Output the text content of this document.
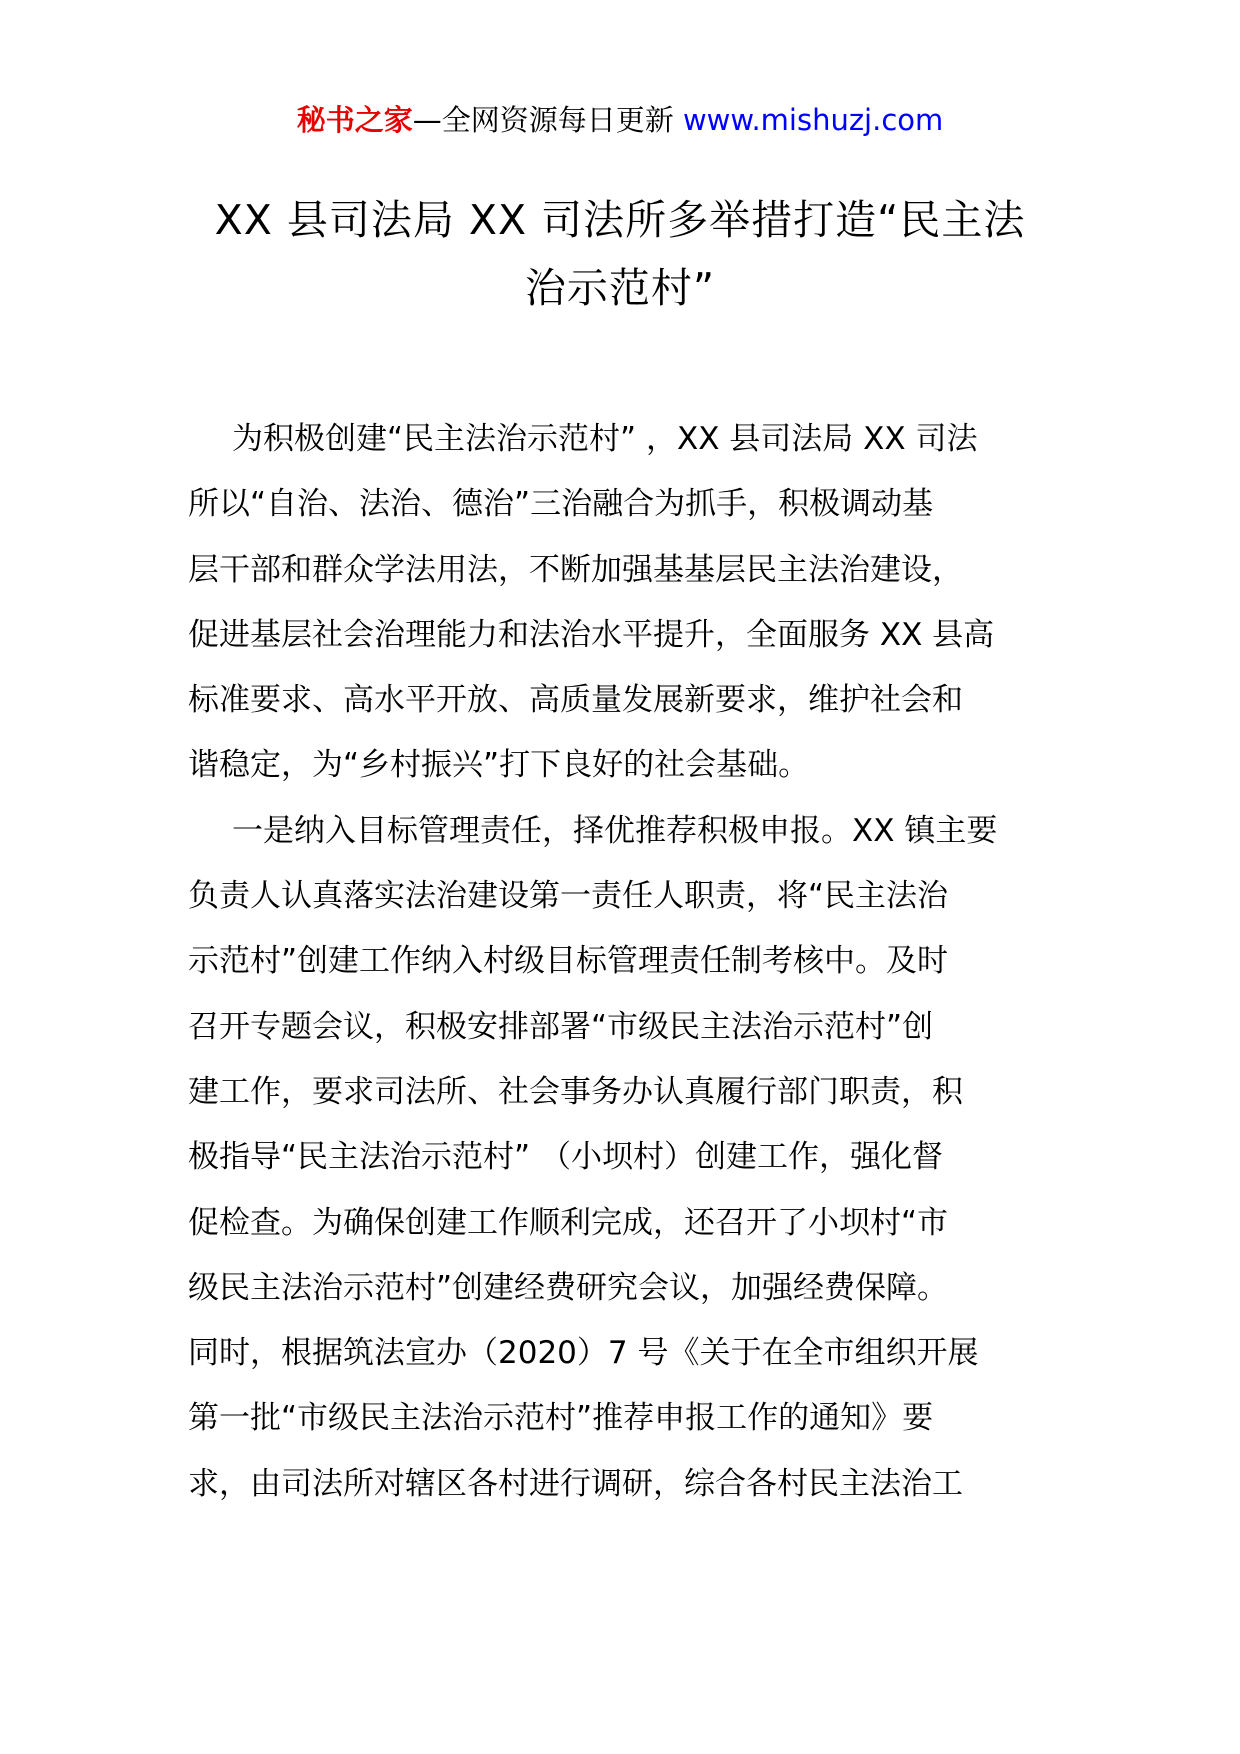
秘书之家—全网资源每日更新 www.mishuzj.com
XX 县司法局 XX 司法所多举措打造“民主法
治示范村”
为积极创建“民主法治示范村” ，XX 县司法局 XX 司法
所以“自治、法治、德治”三治融合为抓手，积极调动基
层干部和群众学法用法，不断加强基基层民主法治建设，
促进基层社会治理能力和法治水平提升，全面服务 XX 县高
标准要求、高水平开放、高质量发展新要求，维护社会和
谐稳定，为“乡村振兴”打下良好的社会基础。
一是纳入目标管理责任，择优推荐积极申报。XX 镇主要
负责人认真落实法治建设第一责任人职责，将“民主法治
示范村”创建工作纳入村级目标管理责任制考核中。及时
召开专题会议，积极安排部署“市级民主法治示范村”创
建工作，要求司法所、社会事务办认真履行部门职责，积
极指导“民主法治示范村” （小坝村）创建工作，强化督
促检查。为确保创建工作顺利完成，还召开了小坝村“市
级民主法治示范村”创建经费研究会议，加强经费保障。
同时，根据筑法宣办（2020）7 号《关于在全市组织开展
第一批“市级民主法治示范村”推荐申报工作的通知》要
求，由司法所对辖区各村进行调研，综合各村民主法治工
